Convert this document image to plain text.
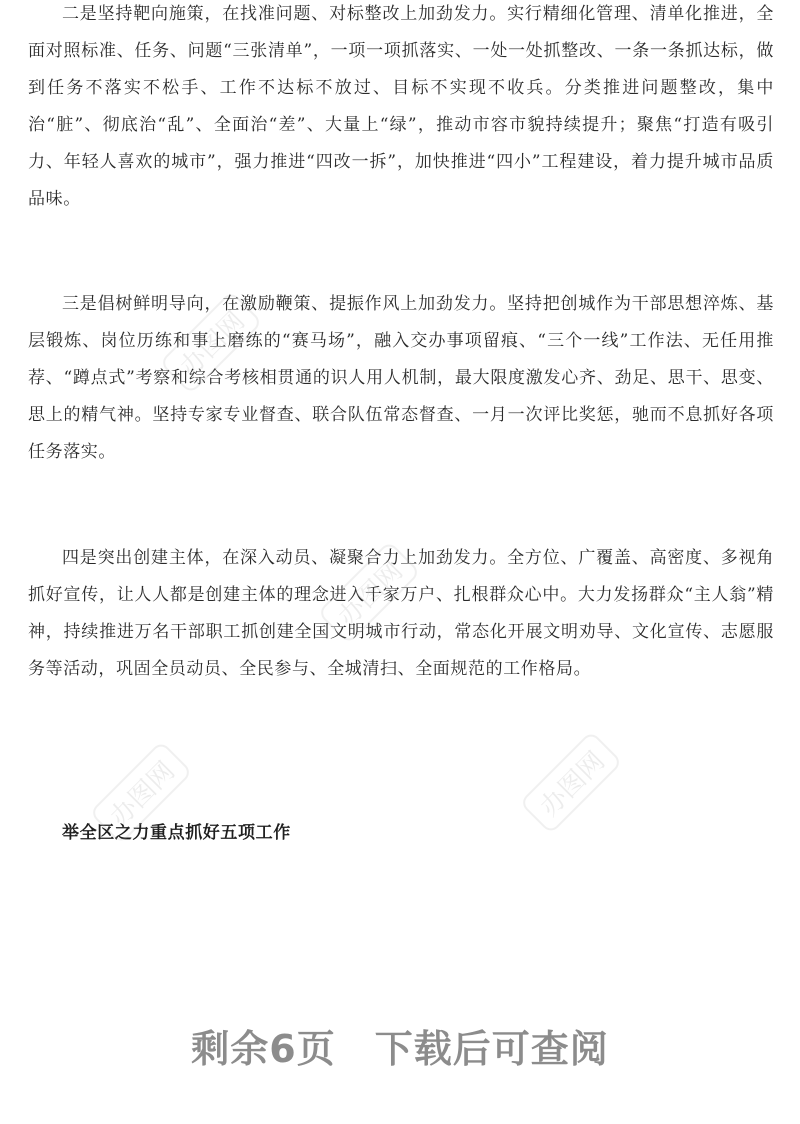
二是坚持靶向施策，在找准问题、对标整改上加劲发力。实行精细化管理、清单化推进，全面对照标准、任务、问题“三张清单”，一项一项抓落实、一处一处抓整改、一条一条抓达标，做到任务不落实不松手、工作不达标不放过、目标不实现不收兵。分类推进问题整改，集中治“脏”、彻底治“乱”、全面治“差”、大量上“绿”，推动市容市貌持续提升；聚焦“打造有吸引力、年轻人喜欢的城市”，强力推进“四改一拆”，加快推进“四小”工程建设，着力提升城市品质品味。

三是倡树鲜明导向，在激励鞭策、提振作风上加劲发力。坚持把创城作为干部思想淬炼、基层锻炼、岗位历练和事上磨练的“赛马场”，融入交办事项留痕、“三个一线”工作法、无任用推荐、“蹲点式”考察和综合考核相贯通的识人用人机制，最大限度激发心齐、劲足、思干、思变、思上的精气神。坚持专家专业督查、联合队伍常态督查、一月一次评比奖惩，驰而不息抓好各项任务落实。

四是突出创建主体，在深入动员、凝聚合力上加劲发力。全方位、广覆盖、高密度、多视角抓好宣传，让人人都是创建主体的理念进入千家万户、扎根群众心中。大力发扬群众“主人翁”精神，持续推进万名干部职工抓创建全国文明城市行动，常态化开展文明劝导、文化宣传、志愿服务等活动，巩固全员动员、全民参与、全城清扫、全面规范的工作格局。

举全区之力重点抓好五项工作
剩余6页　下载后可查阅
办图网
办图网
办图网	办图网
